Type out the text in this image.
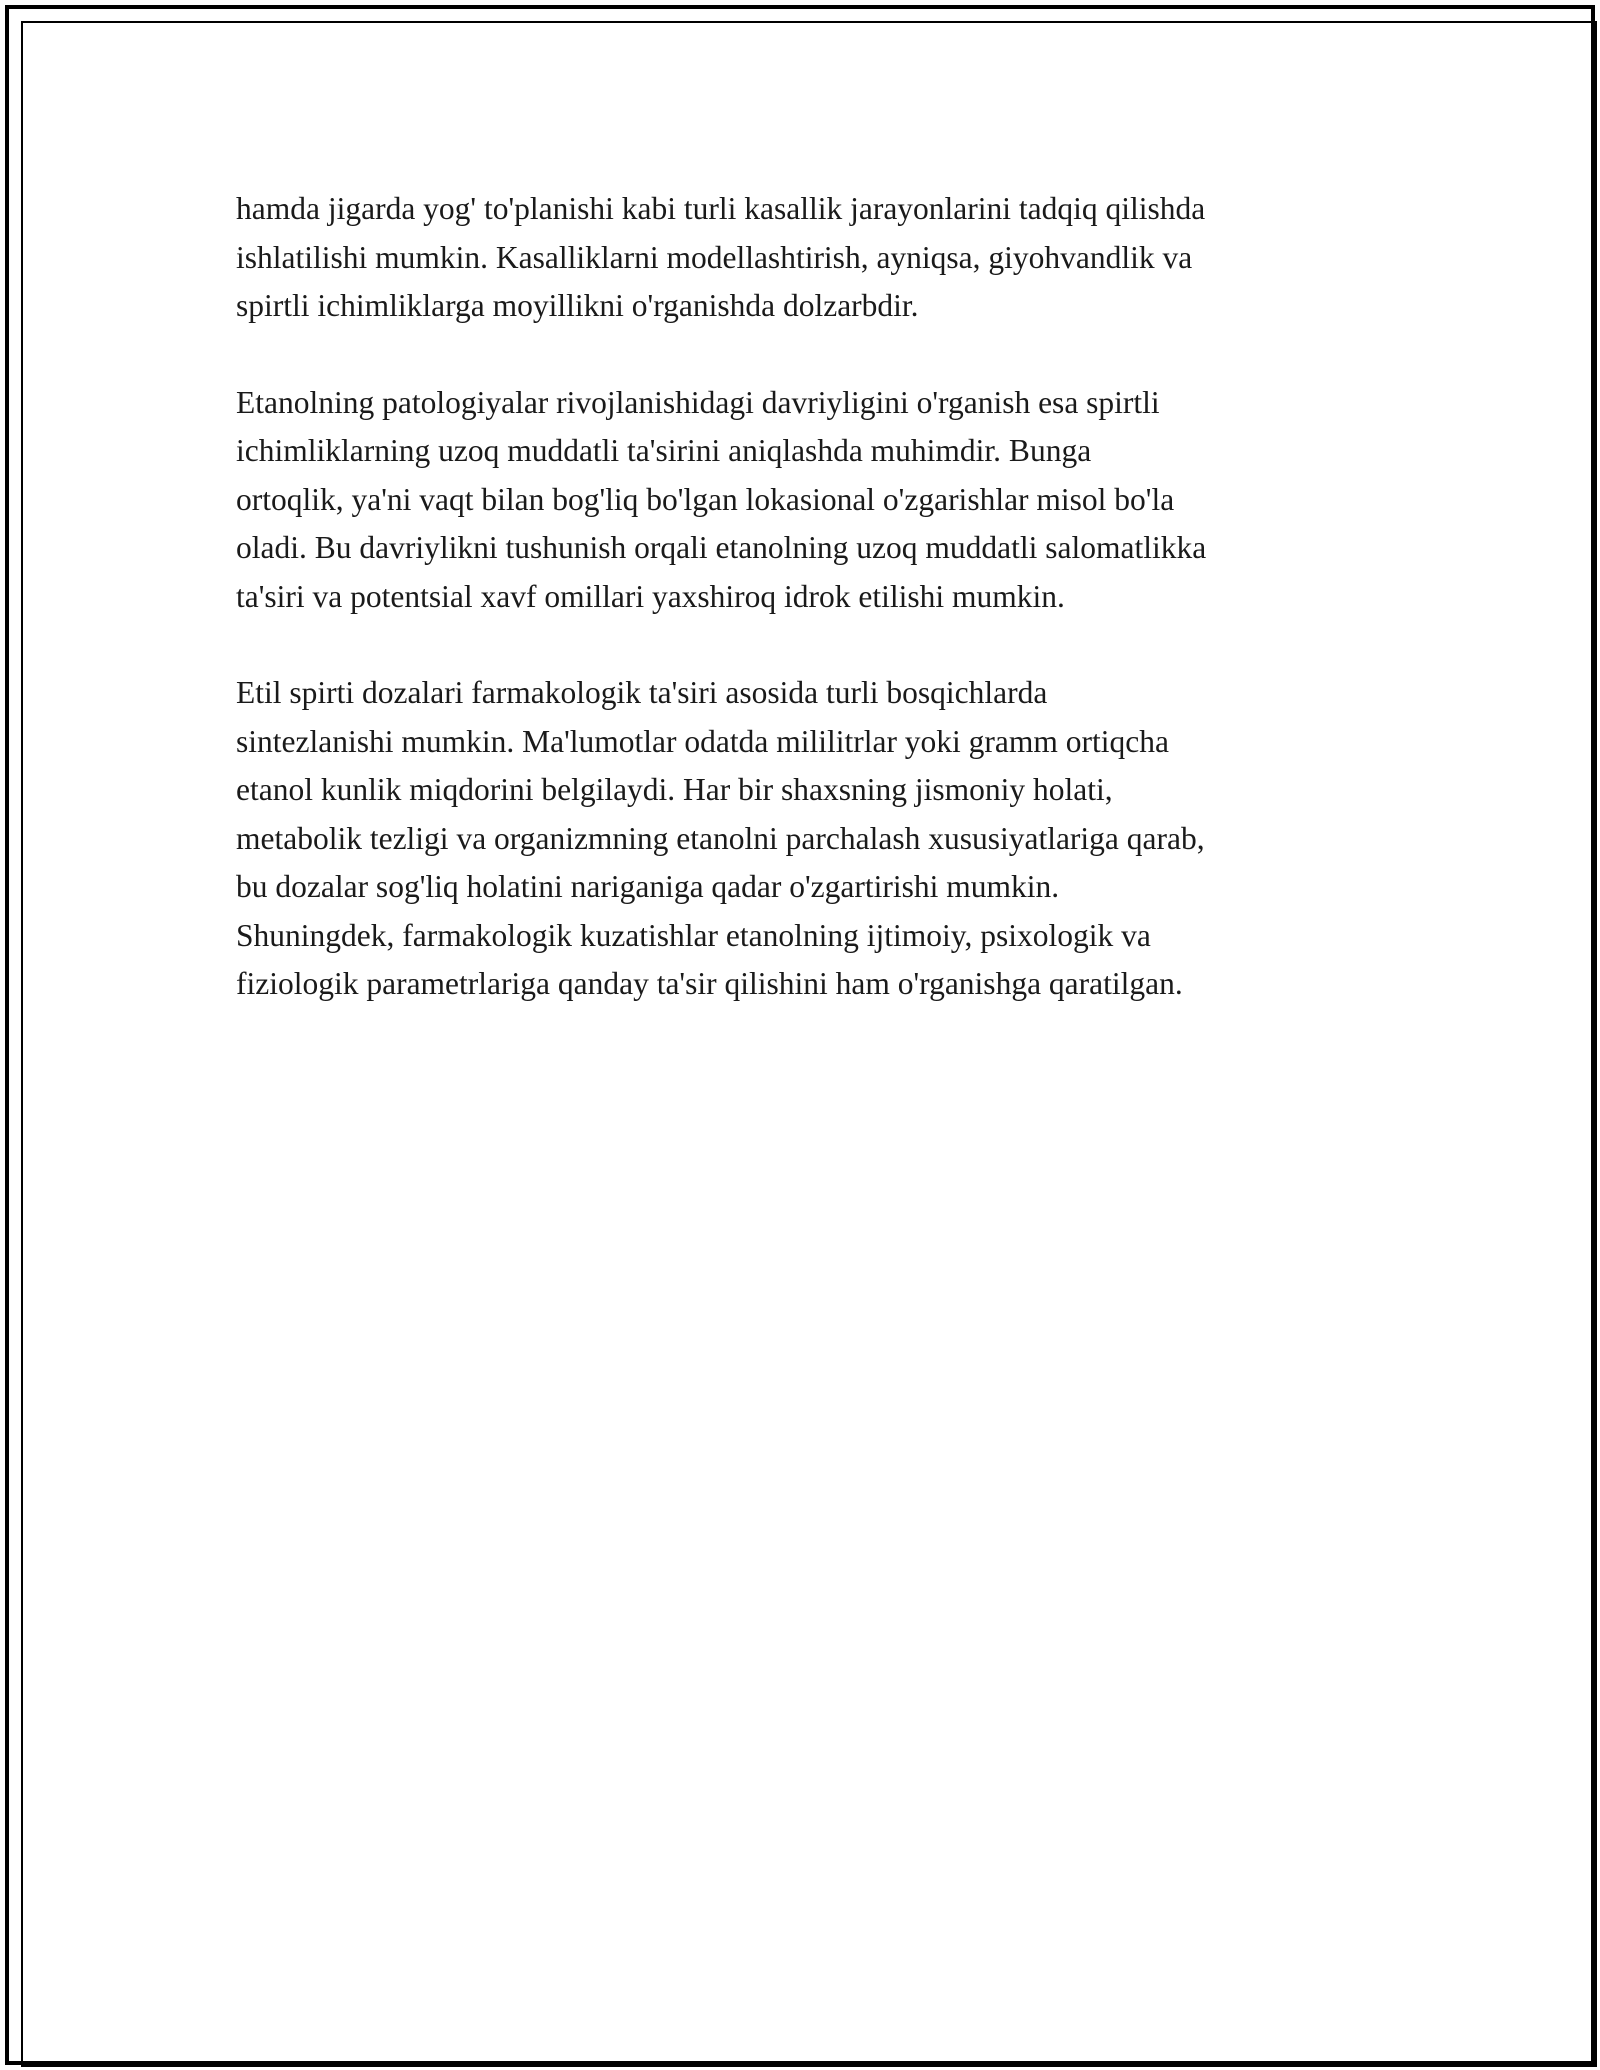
hamda jigarda yog' to'planishi kabi turli kasallik jarayonlarini tadqiq qilishda
ishlatilishi mumkin. Kasalliklarni modellashtirish, ayniqsa, giyohvandlik va
spirtli ichimliklarga moyillikni o'rganishda dolzarbdir.

Etanolning patologiyalar rivojlanishidagi davriyligini o'rganish esa spirtli
ichimliklarning uzoq muddatli ta'sirini aniqlashda muhimdir. Bunga
ortoqlik, ya'ni vaqt bilan bog'liq bo'lgan lokasional o'zgarishlar misol bo'la
oladi. Bu davriylikni tushunish orqali etanolning uzoq muddatli salomatlikka
ta'siri va potentsial xavf omillari yaxshiroq idrok etilishi mumkin.

Etil spirti dozalari farmakologik ta'siri asosida turli bosqichlarda
sintezlanishi mumkin. Ma'lumotlar odatda mililitrlar yoki gramm ortiqcha
etanol kunlik miqdorini belgilaydi. Har bir shaxsning jismoniy holati,
metabolik tezligi va organizmning etanolni parchalash xususiyatlariga qarab,
bu dozalar sog'liq holatini nariganiga qadar o'zgartirishi mumkin.
Shuningdek, farmakologik kuzatishlar etanolning ijtimoiy, psixologik va
fiziologik parametrlariga qanday ta'sir qilishini ham o'rganishga qaratilgan.
